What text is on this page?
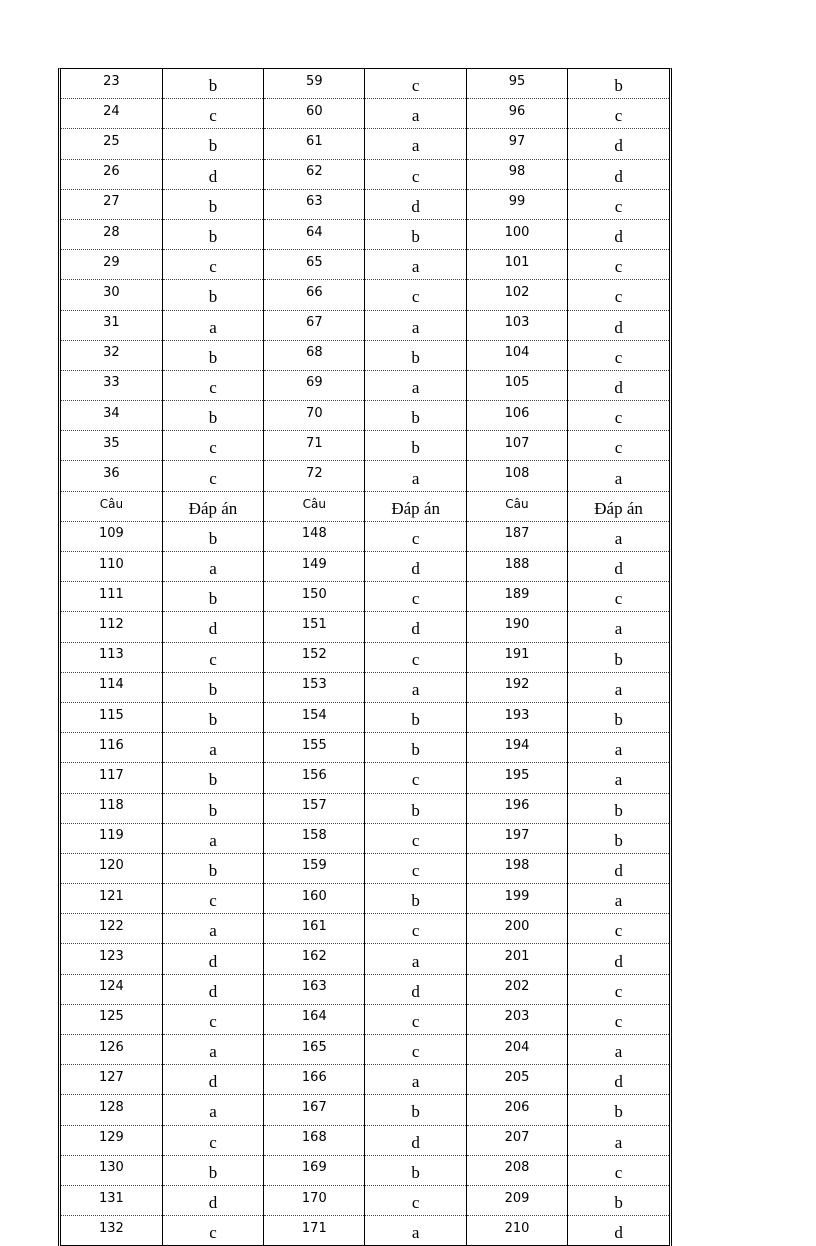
23	b	59	c	95	b
24	c	60	a	96	c
25	b	61	a	97	d
26	d	62	c	98	d
27	b	63	d	99	c
28	b	64	b	100	d
29	c	65	a	101	c
30	b	66	c	102	c
31	a	67	a	103	d
32	b	68	b	104	c
33	c	69	a	105	d
34	b	70	b	106	c
35	c	71	b	107	c
36	c	72	a	108	a
Câu	Đáp án	Câu	Đáp án	Câu	Đáp án
109	b	148	c	187	a
110	a	149	d	188	d
111	b	150	c	189	c
112	d	151	d	190	a
113	c	152	c	191	b
114	b	153	a	192	a
115	b	154	b	193	b
116	a	155	b	194	a
117	b	156	c	195	a
118	b	157	b	196	b
119	a	158	c	197	b
120	b	159	c	198	d
121	c	160	b	199	a
122	a	161	c	200	c
123	d	162	a	201	d
124	d	163	d	202	c
125	c	164	c	203	c
126	a	165	c	204	a
127	d	166	a	205	d
128	a	167	b	206	b
129	c	168	d	207	a
130	b	169	b	208	c
131	d	170	c	209	b
132	c	171	a	210	d
